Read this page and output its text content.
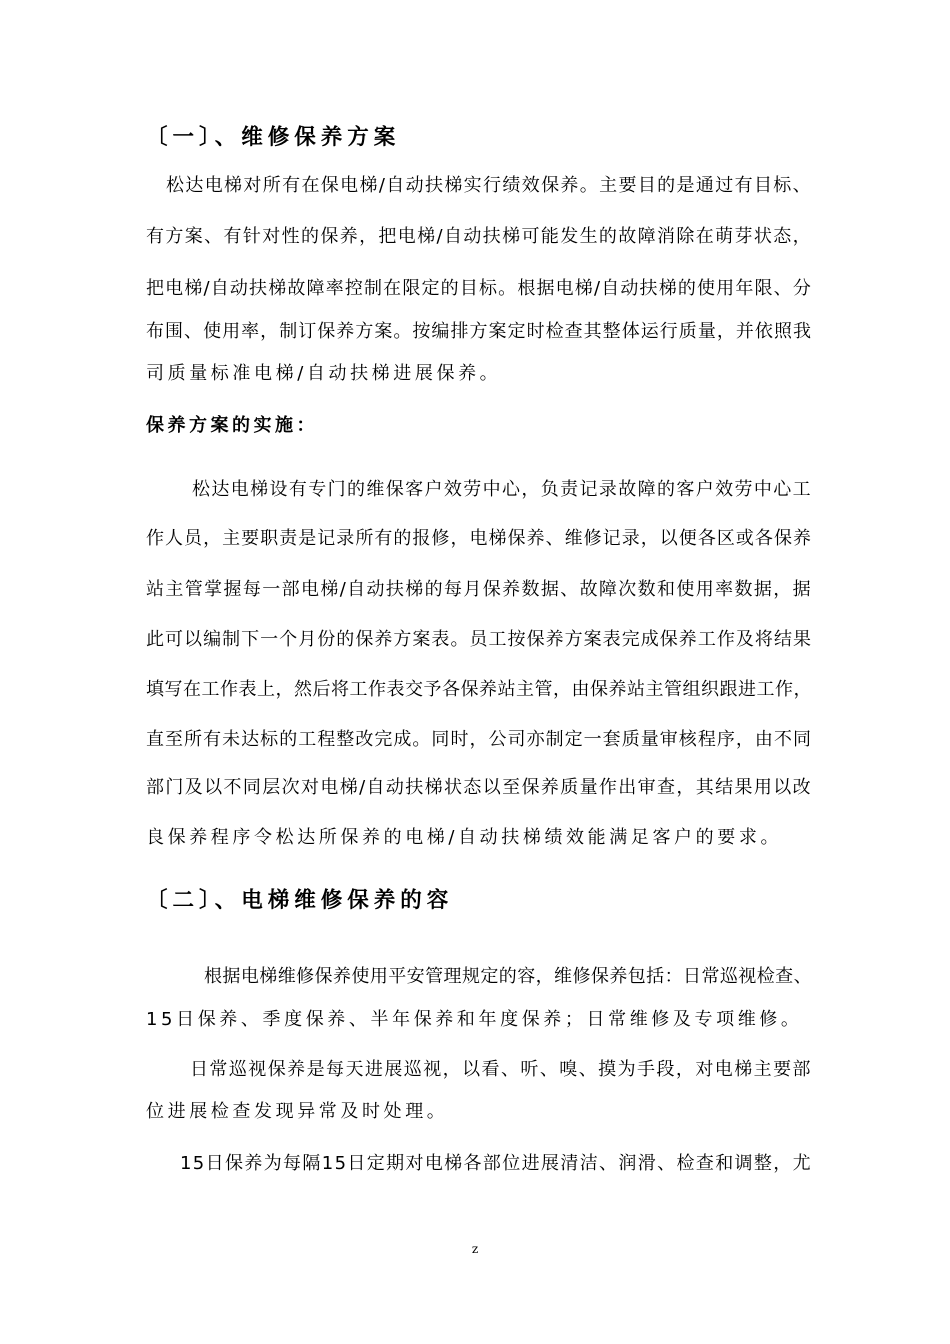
〔一〕、维修保养方案
松达电梯对所有在保电梯/自动扶梯实行绩效保养。主要目的是通过有目标、
有方案、有针对性的保养，把电梯/自动扶梯可能发生的故障消除在萌芽状态，
把电梯/自动扶梯故障率控制在限定的目标。根据电梯/自动扶梯的使用年限、分
布围、使用率，制订保养方案。按编排方案定时检查其整体运行质量，并依照我
司质量标准电梯/自动扶梯进展保养。
保养方案的实施：
松达电梯设有专门的维保客户效劳中心，负责记录故障的客户效劳中心工
作人员，主要职责是记录所有的报修，电梯保养、维修记录，以便各区或各保养
站主管掌握每一部电梯/自动扶梯的每月保养数据、故障次数和使用率数据，据
此可以编制下一个月份的保养方案表。员工按保养方案表完成保养工作及将结果
填写在工作表上，然后将工作表交予各保养站主管，由保养站主管组织跟进工作，
直至所有未达标的工程整改完成。同时，公司亦制定一套质量审核程序，由不同
部门及以不同层次对电梯/自动扶梯状态以至保养质量作出审查，其结果用以改
良保养程序令松达所保养的电梯/自动扶梯绩效能满足客户的要求。
〔二〕、电梯维修保养的容
根据电梯维修保养使用平安管理规定的容，维修保养包括：日常巡视检查、
15日保养、季度保养、半年保养和年度保养；日常维修及专项维修。
日常巡视保养是每天进展巡视，以看、听、嗅、摸为手段，对电梯主要部
位进展检查发现异常及时处理。
15日保养为每隔15日定期对电梯各部位进展清洁、润滑、检查和调整，尤
z
